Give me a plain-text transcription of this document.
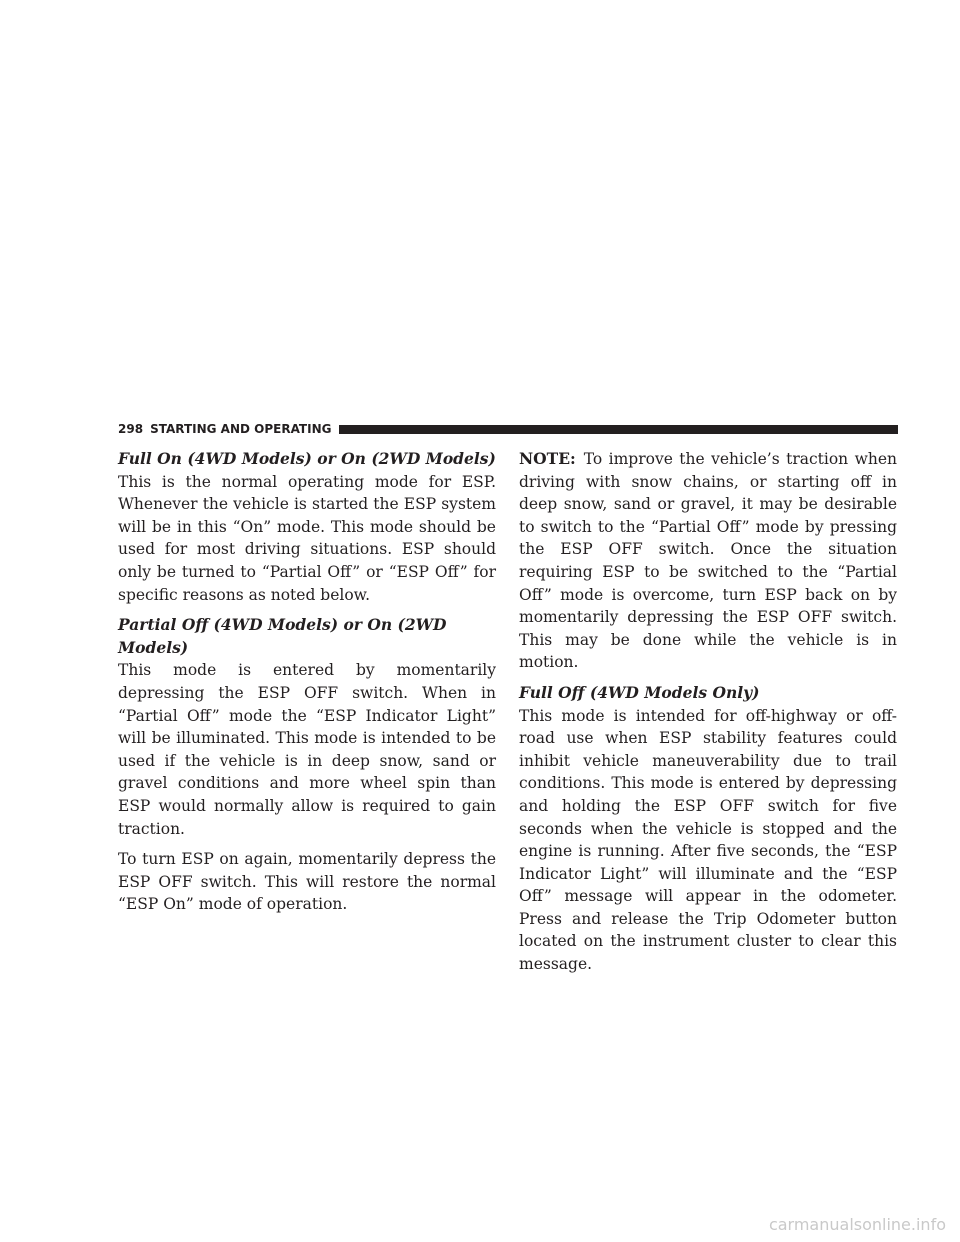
298 STARTING AND OPERATING
Full On (4WD Models) or On (2WD Models)

This is the normal operating mode for ESP. Whenever the vehicle is started the ESP system will be in this “On” mode. This mode should be used for most driving situations. ESP should only be turned to “Partial Off” or “ESP Off” for specific reasons as noted below.

Partial Off (4WD Models) or On (2WD Models)

This mode is entered by momentarily depressing the ESP OFF switch. When in “Partial Off” mode the “ESP Indicator Light” will be illuminated. This mode is intended to be used if the vehicle is in deep snow, sand or gravel conditions and more wheel spin than ESP would normally allow is required to gain traction.

To turn ESP on again, momentarily depress the ESP OFF switch. This will restore the normal “ESP On” mode of operation.

NOTE: To improve the vehicle’s traction when driving with snow chains, or starting off in deep snow, sand or gravel, it may be desirable to switch to the “Partial Off” mode by pressing the ESP OFF switch. Once the situation requiring ESP to be switched to the “Partial Off” mode is overcome, turn ESP back on by momentarily depressing the ESP OFF switch. This may be done while the vehicle is in motion.

Full Off (4WD Models Only)

This mode is intended for off-highway or off-road use when ESP stability features could inhibit vehicle maneuverability due to trail conditions. This mode is entered by depressing and holding the ESP OFF switch for five seconds when the vehicle is stopped and the engine is running. After five seconds, the “ESP Indicator Light” will illuminate and the “ESP Off” message will appear in the odometer. Press and release the Trip Odometer button located on the instrument cluster to clear this message.

carmanualsonline.info
